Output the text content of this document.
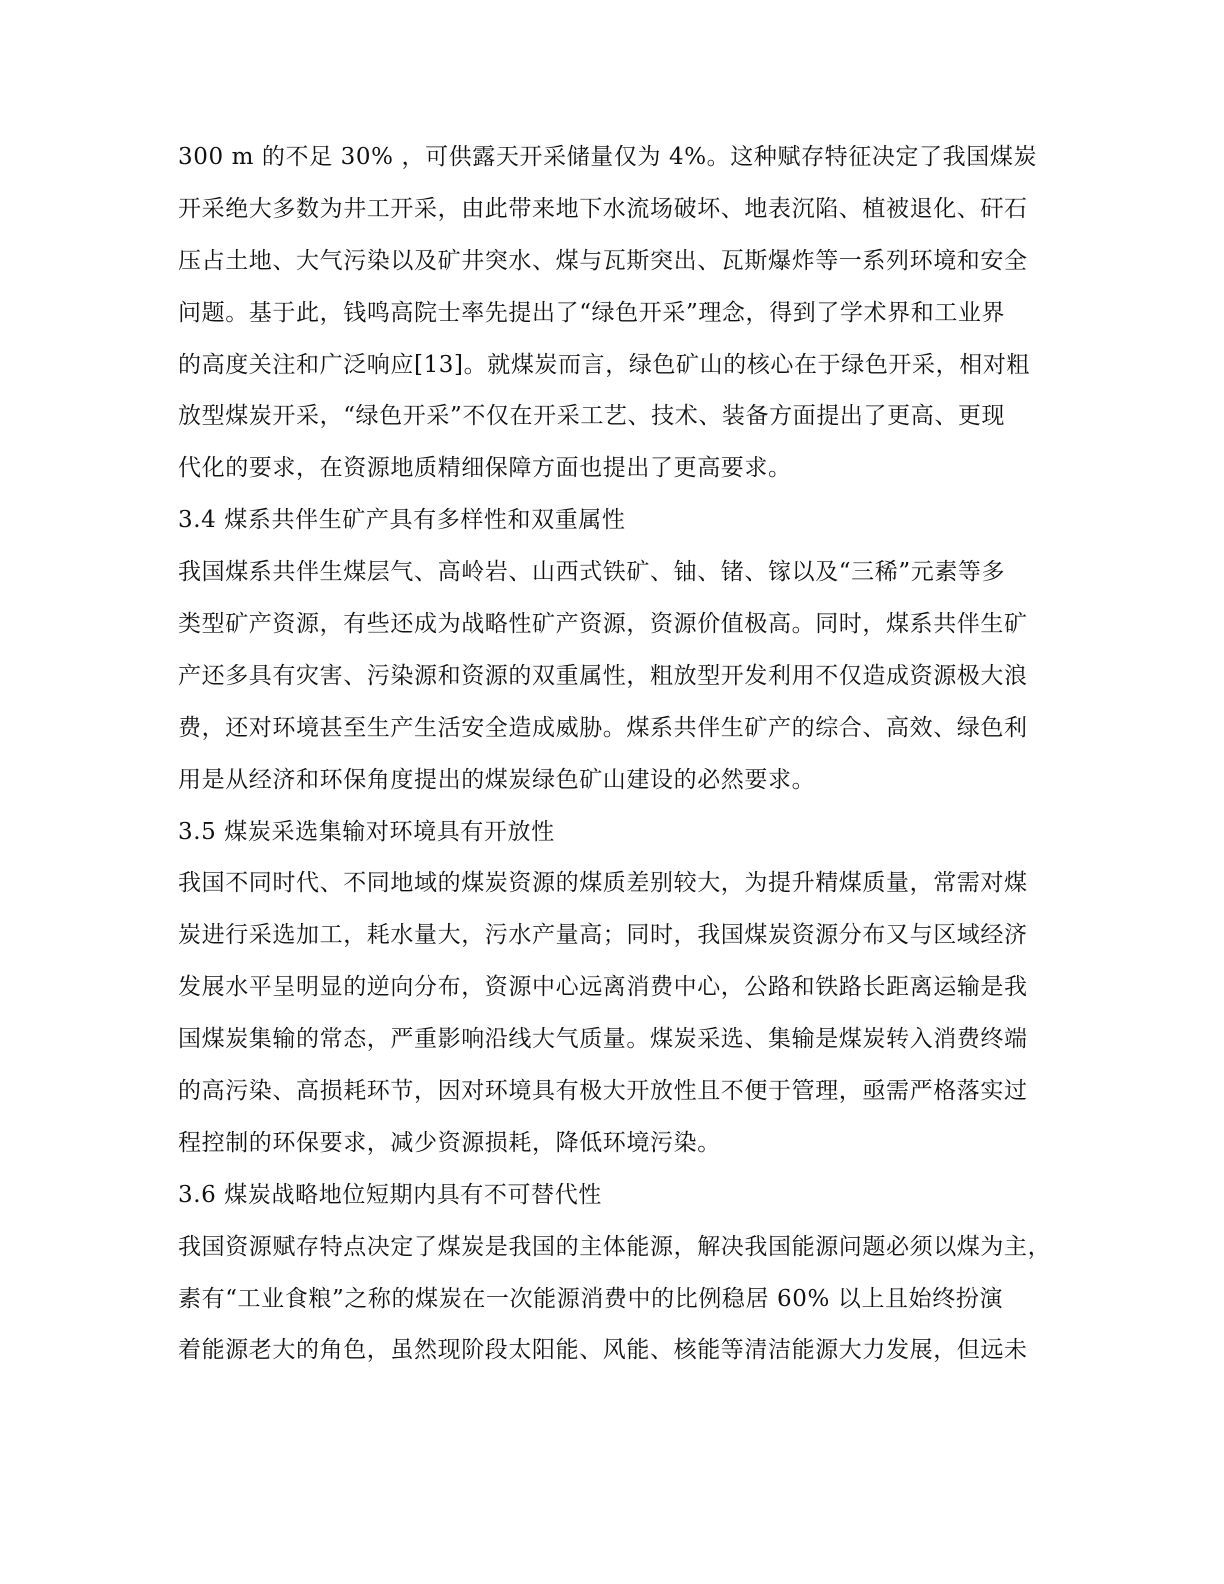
300 m 的不足 30% ，可供露天开采储量仅为 4%。这种赋存特征决定了我国煤炭
开采绝大多数为井工开采，由此带来地下水流场破坏、地表沉陷、植被退化、矸石
压占土地、大气污染以及矿井突水、煤与瓦斯突出、瓦斯爆炸等一系列环境和安全
问题。基于此，钱鸣高院士率先提出了“绿色开采”理念，得到了学术界和工业界
的高度关注和广泛响应[13]。就煤炭而言，绿色矿山的核心在于绿色开采，相对粗
放型煤炭开采，“绿色开采”不仅在开采工艺、技术、装备方面提出了更高、更现
代化的要求，在资源地质精细保障方面也提出了更高要求。
3.4 煤系共伴生矿产具有多样性和双重属性
我国煤系共伴生煤层气、高岭岩、山西式铁矿、铀、锗、镓以及“三稀”元素等多
类型矿产资源，有些还成为战略性矿产资源，资源价值极高。同时，煤系共伴生矿
产还多具有灾害、污染源和资源的双重属性，粗放型开发利用不仅造成资源极大浪
费，还对环境甚至生产生活安全造成威胁。煤系共伴生矿产的综合、高效、绿色利
用是从经济和环保角度提出的煤炭绿色矿山建设的必然要求。
3.5 煤炭采选集输对环境具有开放性
我国不同时代、不同地域的煤炭资源的煤质差别较大，为提升精煤质量，常需对煤
炭进行采选加工，耗水量大，污水产量高；同时，我国煤炭资源分布又与区域经济
发展水平呈明显的逆向分布，资源中心远离消费中心，公路和铁路长距离运输是我
国煤炭集输的常态，严重影响沿线大气质量。煤炭采选、集输是煤炭转入消费终端
的高污染、高损耗环节，因对环境具有极大开放性且不便于管理，亟需严格落实过
程控制的环保要求，减少资源损耗，降低环境污染。
3.6 煤炭战略地位短期内具有不可替代性
我国资源赋存特点决定了煤炭是我国的主体能源，解决我国能源问题必须以煤为主，
素有“工业食粮”之称的煤炭在一次能源消费中的比例稳居 60% 以上且始终扮演
着能源老大的角色，虽然现阶段太阳能、风能、核能等清洁能源大力发展，但远未
